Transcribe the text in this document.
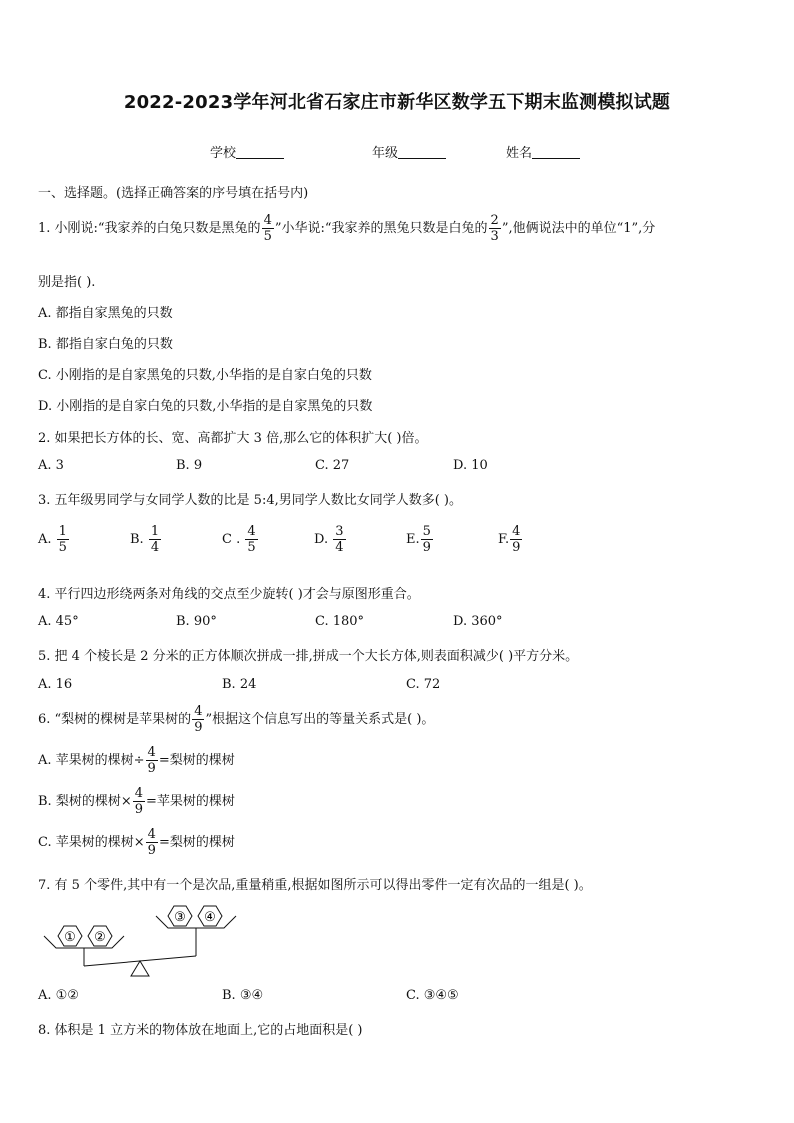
2022-2023学年河北省石家庄市新华区数学五下期末监测模拟试题
学校	年级	姓名
一、选择题。(选择正确答案的序号填在括号内)
1. 小刚说:“我家养的白兔只数是黑兔的 $\frac{4}{5}$ ”小华说:“我家养的黑兔只数是白兔的 $\frac{2}{3}$ ”,他俩说法中的单位“1”,分
别是指( ).
A. 都指自家黑兔的只数
B. 都指自家白兔的只数
C. 小刚指的是自家黑兔的只数,小华指的是自家白兔的只数
D. 小刚指的是自家白兔的只数,小华指的是自家黑兔的只数
2. 如果把长方体的长、宽、高都扩大 3 倍,那么它的体积扩大( )倍。
A. 3	B. 9	C. 27	D. 10
3. 五年级男同学与女同学人数的比是 5:4,男同学人数比女同学人数多( )。
A. $\frac{1}{5}$	B. $\frac{1}{4}$	C . $\frac{4}{5}$	D. $\frac{3}{4}$	E. $\frac{5}{9}$	F. $\frac{4}{9}$
4. 平行四边形绕两条对角线的交点至少旋转( )才会与原图形重合。
A. 45°	B. 90°	C. 180°	D. 360°
5. 把 4 个棱长是 2 分米的正方体顺次拼成一排,拼成一个大长方体,则表面积减少( )平方分米。
A. 16	B. 24	C. 72
6. “梨树的棵树是苹果树的 $\frac{4}{9}$ ”根据这个信息写出的等量关系式是( )。
A. 苹果树的棵树÷ $\frac{4}{9}$ =梨树的棵树
B. 梨树的棵树× $\frac{4}{9}$ =苹果树的棵树
C. 苹果树的棵树× $\frac{4}{9}$ =梨树的棵树
7. 有 5 个零件,其中有一个是次品,重量稍重,根据如图所示可以得出零件一定有次品的一组是( )。
① ②
③ ④
A. ①②	B. ③④	C. ③④⑤
8. 体积是 1 立方米的物体放在地面上,它的占地面积是( )
